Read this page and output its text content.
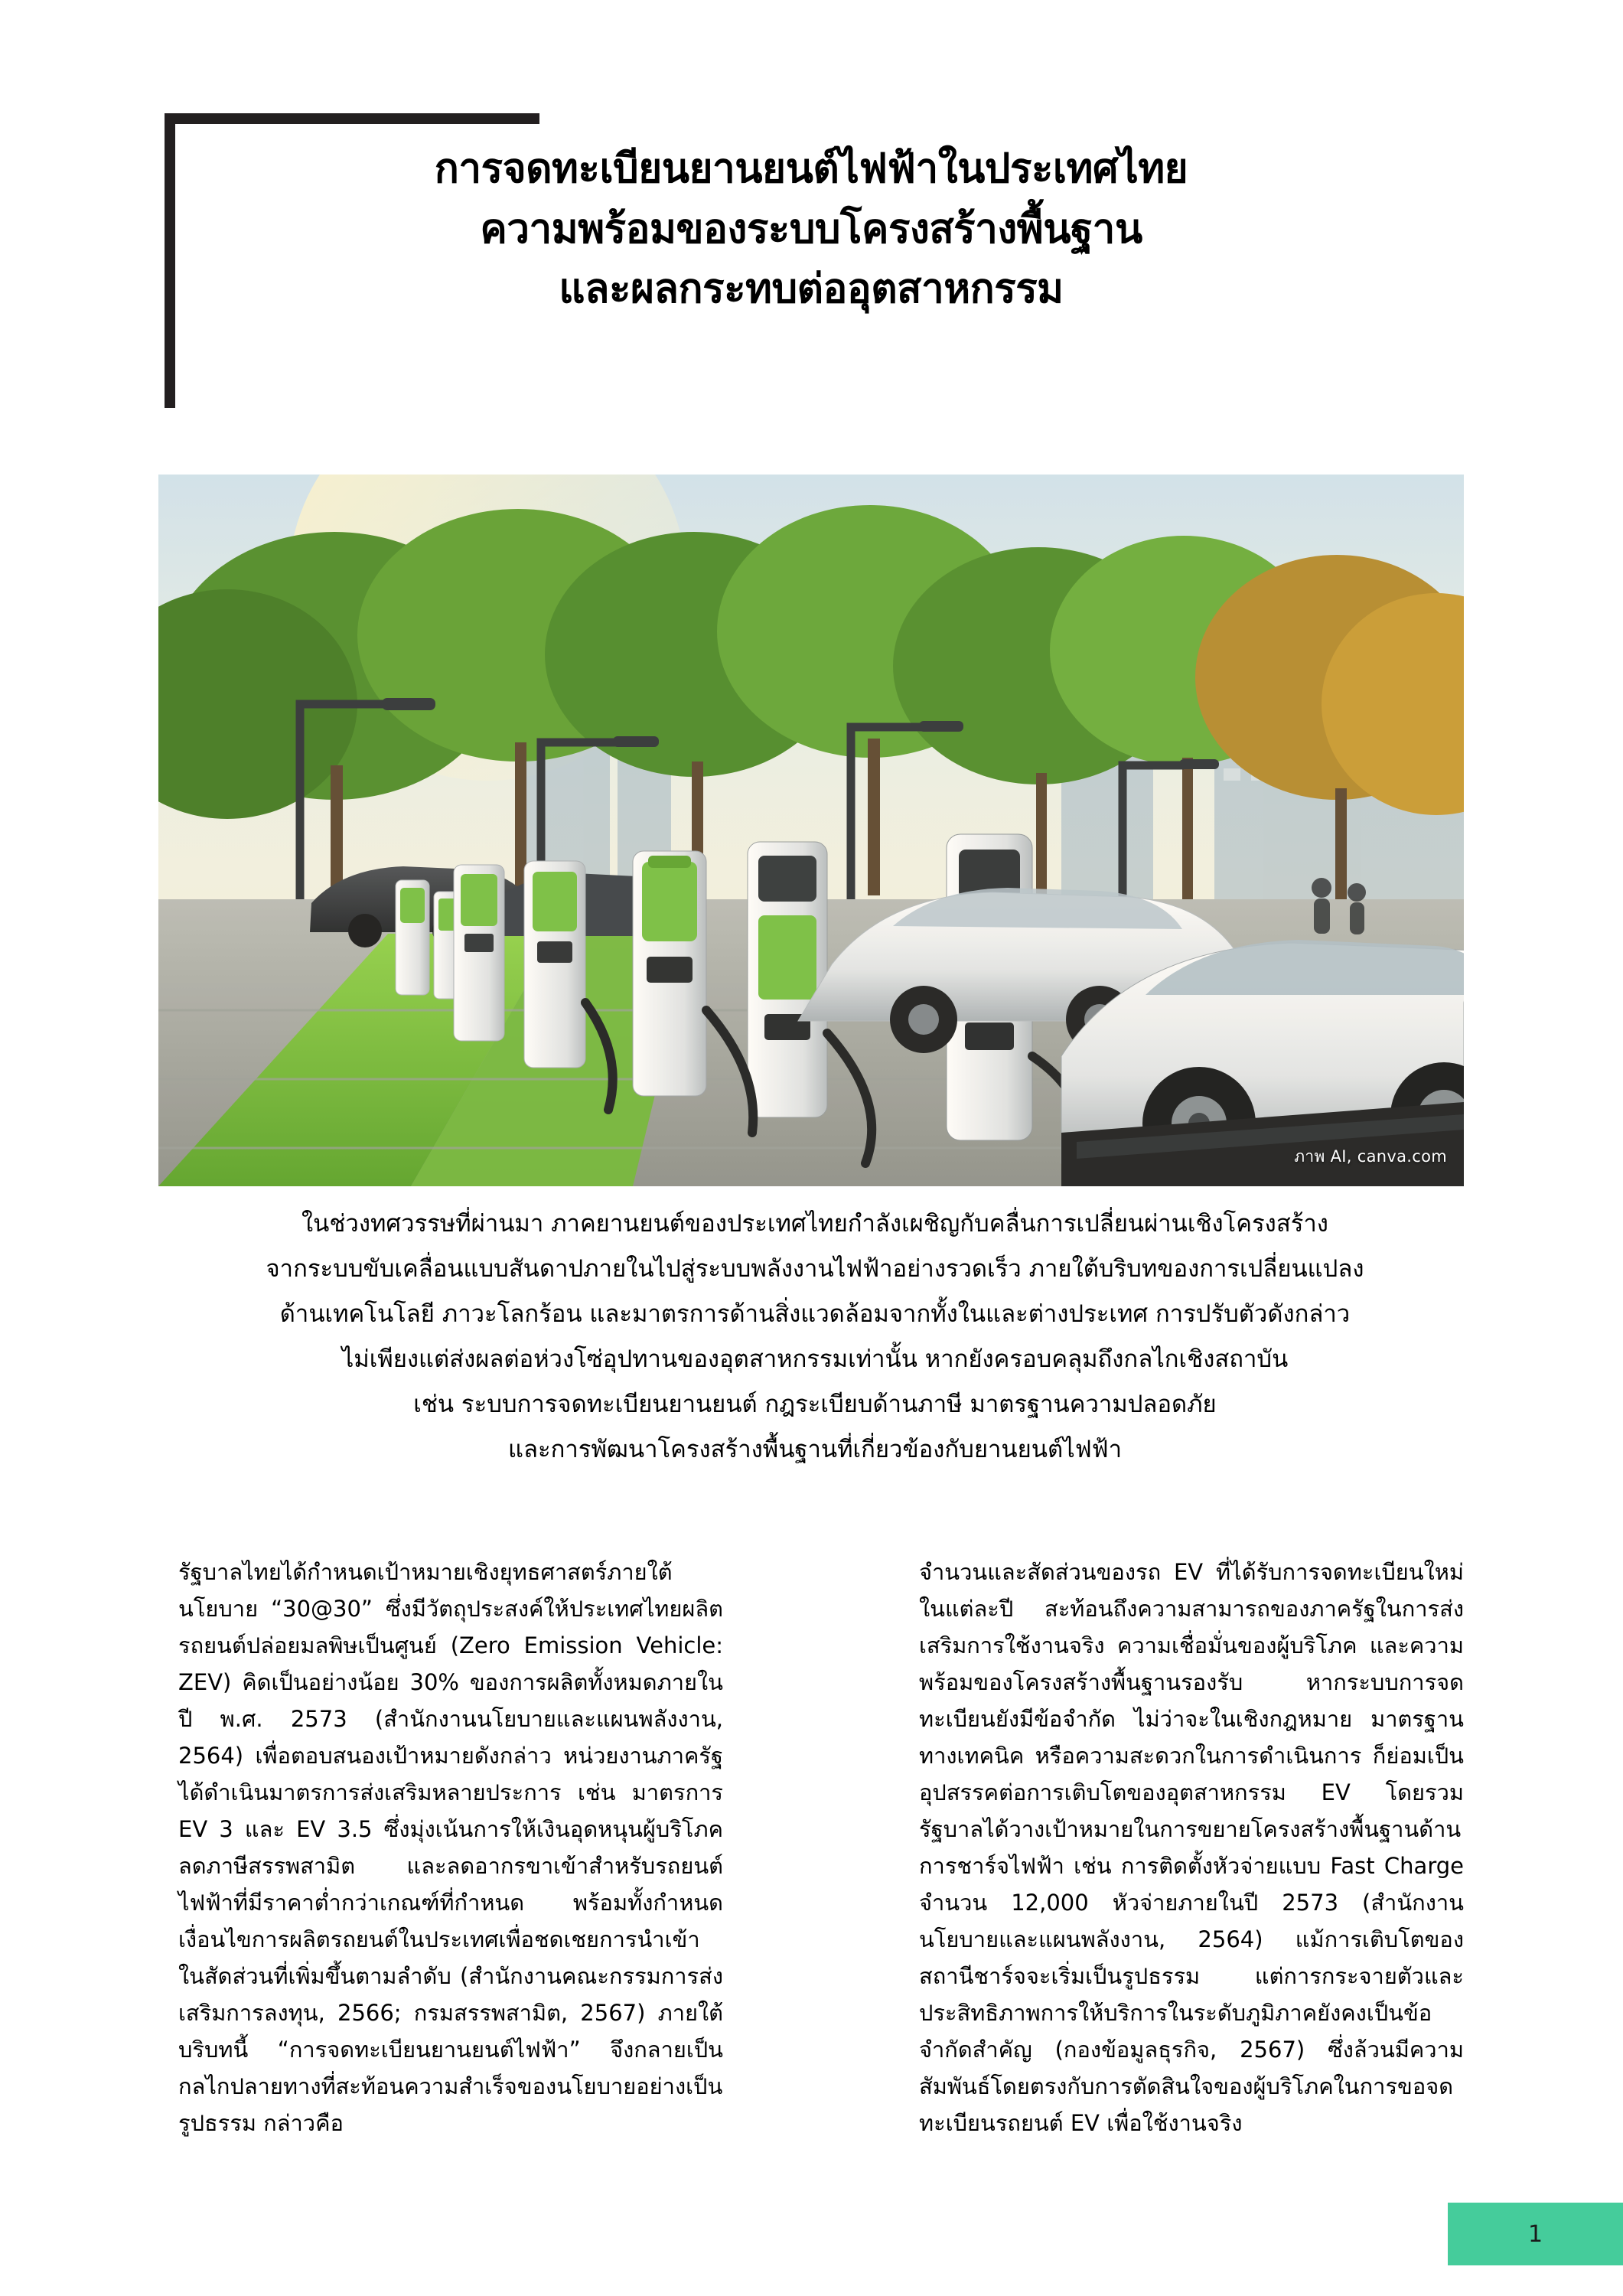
การจดทะเบียนยานยนต์ไฟฟ้าในประเทศไทย
ความพร้อมของระบบโครงสร้างพื้นฐาน
และผลกระทบต่ออุตสาหกรรม
ภาพ AI, canva.com
ในช่วงทศวรรษที่ผ่านมา ภาคยานยนต์ของประเทศไทยกำลังเผชิญกับคลื่นการเปลี่ยนผ่านเชิงโครงสร้าง
จากระบบขับเคลื่อนแบบสันดาปภายในไปสู่ระบบพลังงานไฟฟ้าอย่างรวดเร็ว ภายใต้บริบทของการเปลี่ยนแปลง
ด้านเทคโนโลยี ภาวะโลกร้อน และมาตรการด้านสิ่งแวดล้อมจากทั้งในและต่างประเทศ การปรับตัวดังกล่าว
ไม่เพียงแต่ส่งผลต่อห่วงโซ่อุปทานของอุตสาหกรรมเท่านั้น หากยังครอบคลุมถึงกลไกเชิงสถาบัน
เช่น ระบบการจดทะเบียนยานยนต์ กฎระเบียบด้านภาษี มาตรฐานความปลอดภัย
และการพัฒนาโครงสร้างพื้นฐานที่เกี่ยวข้องกับยานยนต์ไฟฟ้า

รัฐบาลไทยได้กำหนดเป้าหมายเชิงยุทธศาสตร์ภายใต้นโยบาย “30@30” ซึ่งมีวัตถุประสงค์ให้ประเทศไทยผลิตรถยนต์ปล่อยมลพิษเป็นศูนย์ (Zero Emission Vehicle: ZEV) คิดเป็นอย่างน้อย 30% ของการผลิตทั้งหมดภายในปี พ.ศ. 2573 (สำนักงานนโยบายและแผนพลังงาน, 2564) เพื่อตอบสนองเป้าหมายดังกล่าว หน่วยงานภาครัฐได้ดำเนินมาตรการส่งเสริมหลายประการ เช่น มาตรการ EV 3 และ EV 3.5 ซึ่งมุ่งเน้นการให้เงินอุดหนุนผู้บริโภค ลดภาษีสรรพสามิต และลดอากรขาเข้าสำหรับรถยนต์ไฟฟ้าที่มีราคาต่ำกว่าเกณฑ์ที่กำหนด พร้อมทั้งกำหนดเงื่อนไขการผลิตรถยนต์ในประเทศเพื่อชดเชยการนำเข้าในสัดส่วนที่เพิ่มขึ้นตามลำดับ (สำนักงานคณะกรรมการส่งเสริมการลงทุน, 2566; กรมสรรพสามิต, 2567) ภายใต้บริบทนี้ “การจดทะเบียนยานยนต์ไฟฟ้า” จึงกลายเป็นกลไกปลายทางที่สะท้อนความสำเร็จของนโยบายอย่างเป็นรูปธรรม กล่าวคือ

จำนวนและสัดส่วนของรถ EV ที่ได้รับการจดทะเบียนใหม่ในแต่ละปี สะท้อนถึงความสามารถของภาครัฐในการส่งเสริมการใช้งานจริง ความเชื่อมั่นของผู้บริโภค และความพร้อมของโครงสร้างพื้นฐานรองรับ หากระบบการจดทะเบียนยังมีข้อจำกัด ไม่ว่าจะในเชิงกฎหมาย มาตรฐานทางเทคนิค หรือความสะดวกในการดำเนินการ ก็ย่อมเป็นอุปสรรคต่อการเติบโตของอุตสาหกรรม EV โดยรวม รัฐบาลได้วางเป้าหมายในการขยายโครงสร้างพื้นฐานด้านการชาร์จไฟฟ้า เช่น การติดตั้งหัวจ่ายแบบ Fast Charge จำนวน 12,000 หัวจ่ายภายในปี 2573 (สำนักงานนโยบายและแผนพลังงาน, 2564) แม้การเติบโตของสถานีชาร์จจะเริ่มเป็นรูปธรรม แต่การกระจายตัวและประสิทธิภาพการให้บริการในระดับภูมิภาคยังคงเป็นข้อจำกัดสำคัญ (กองข้อมูลธุรกิจ, 2567) ซึ่งล้วนมีความสัมพันธ์โดยตรงกับการตัดสินใจของผู้บริโภคในการขอจดทะเบียนรถยนต์ EV เพื่อใช้งานจริง

1
